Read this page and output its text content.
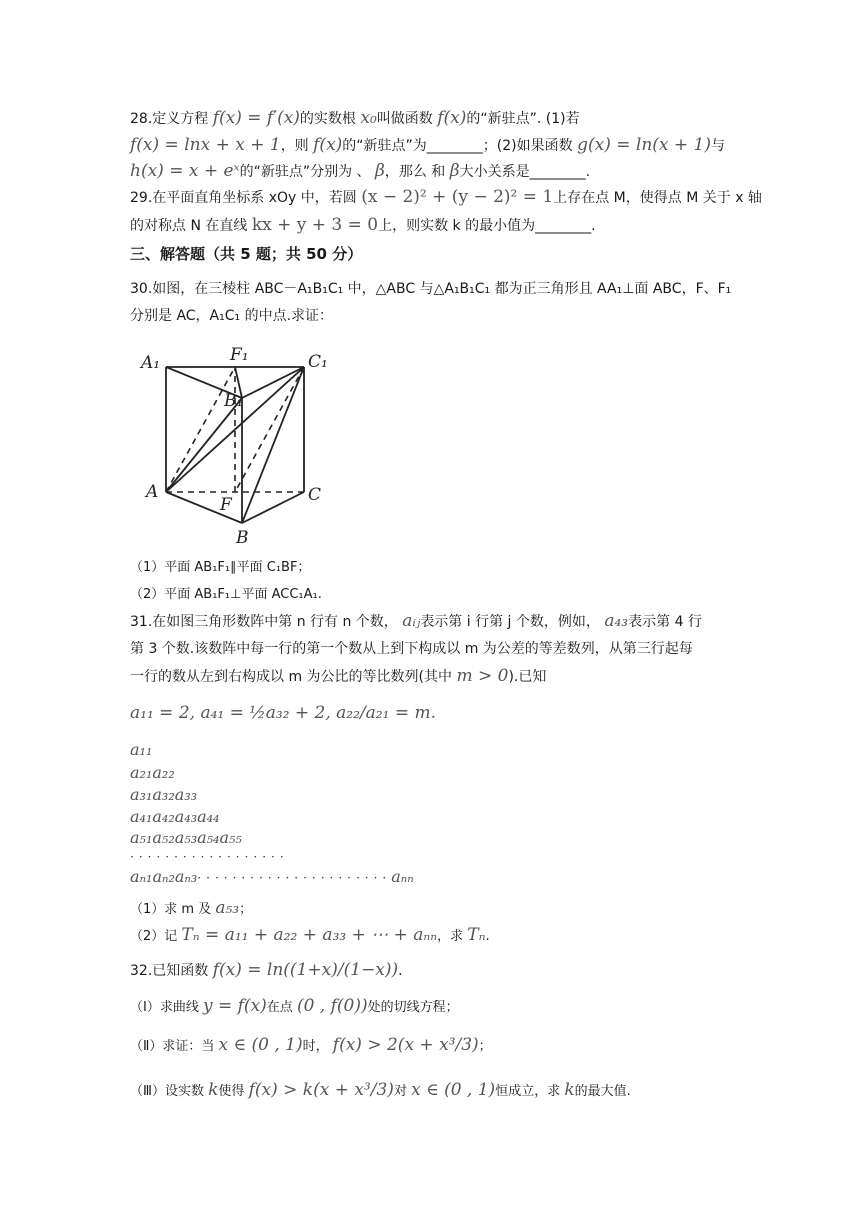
28.定义方程 f(x) = f′(x)的实数根 x₀叫做函数 f(x)的“新驻点”. (1)若
f(x) = lnx + x + 1，则 f(x)的“新驻点”为________；(2)如果函数 g(x) = ln(x + 1)与
h(x) = x + eˣ的“新驻点”分别为 、 β，那么 和 β大小关系是________.
29.在平面直角坐标系 xOy 中，若圆 (x − 2)² + (y − 2)² = 1上存在点 M，使得点 M 关于 x 轴
的对称点 N 在直线 kx + y + 3 = 0上，则实数 k 的最小值为________.
三、解答题（共 5 题；共 50 分）
30.如图，在三棱柱 ABC－A₁B₁C₁ 中，△ABC 与△A₁B₁C₁ 都为正三角形且 AA₁⊥面 ABC，F、F₁
分别是 AC，A₁C₁ 的中点.求证：
A₁	F₁	C₁
B₁
A
F	C
B
（1）平面 AB₁F₁∥平面 C₁BF；
（2）平面 AB₁F₁⊥平面 ACC₁A₁.
31.在如图三角形数阵中第 n 行有 n 个数， aᵢⱼ表示第 i 行第 j 个数，例如， a₄₃表示第 4 行
第 3 个数.该数阵中每一行的第一个数从上到下构成以 m 为公差的等差数列，从第三行起每
一行的数从左到右构成以 m 为公比的等比数列(其中 m > 0).已知
a₁₁ = 2, a₄₁ = ½a₃₂ + 2, a₂₂/a₂₁ = m.
a₁₁
a₂₁a₂₂
a₃₁a₃₂a₃₃
a₄₁a₄₂a₄₃a₄₄
a₅₁a₅₂a₅₃a₅₄a₅₅
··················
aₙ₁aₙ₂aₙ₃······················aₙₙ
（1）求 m 及 a₅₃；
（2）记 Tₙ = a₁₁ + a₂₂ + a₃₃ + ⋯ + aₙₙ，求 Tₙ.
32.已知函数 f(x) = ln((1+x)/(1−x)).
（Ⅰ）求曲线 y = f(x)在点 (0 , f(0))处的切线方程；
（Ⅱ）求证：当 x ∈ (0 , 1)时， f(x) > 2(x + x³/3)；
（Ⅲ）设实数 k使得 f(x) > k(x + x³/3)对 x ∈ (0 , 1)恒成立，求 k的最大值.
